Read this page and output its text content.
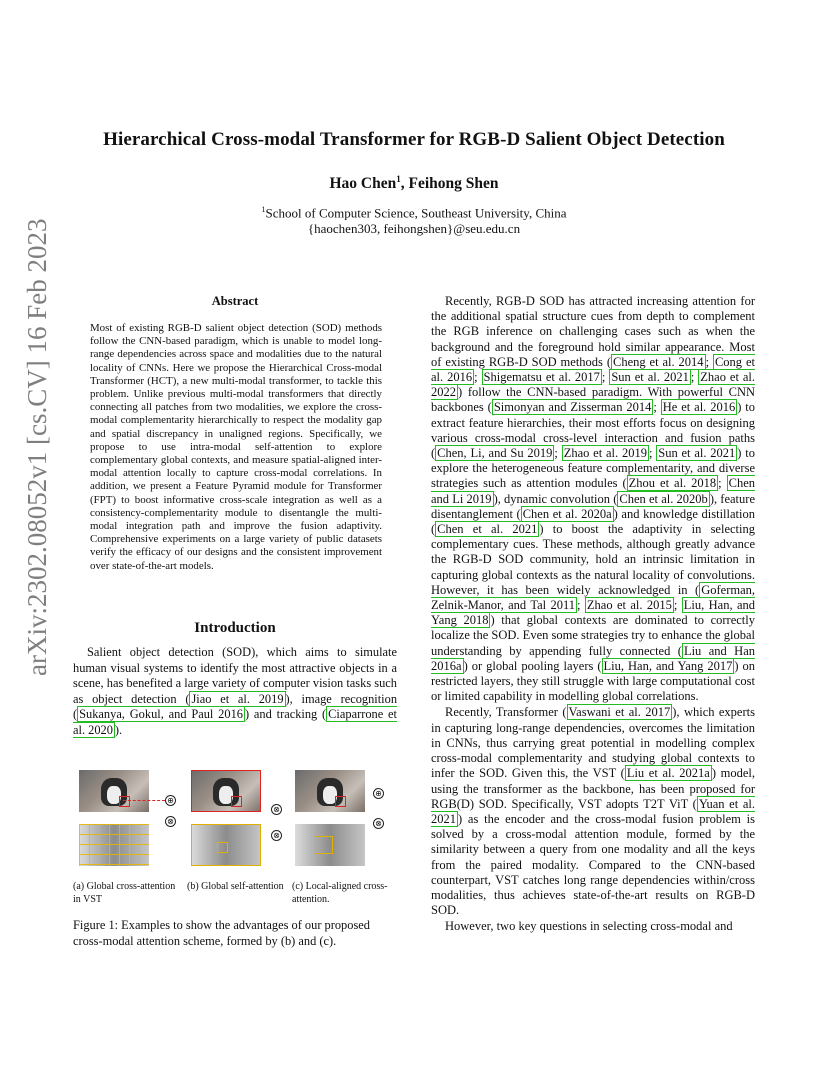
Hierarchical Cross-modal Transformer for RGB-D Salient Object Detection
Hao Chen$^1$, Feihong Shen
$^1$School of Computer Science, Southeast University, China
{haochen303, feihongshen}@seu.edu.cn
arXiv:2302.08052v1 [cs.CV] 16 Feb 2023	Abstract
Most of existing RGB-D salient object detection (SOD) methods follow the CNN-based paradigm, which is unable to model long-range dependencies across space and modalities due to the natural locality of CNNs. Here we propose the Hierarchical Cross-modal Transformer (HCT), a new multi-modal transformer, to tackle this problem. Unlike previous multi-modal transformers that directly connecting all patches from two modalities, we explore the cross-modal complementarity hierarchically to respect the modality gap and spatial discrepancy in unaligned regions. Specifically, we propose to use intra-modal self-attention to explore complementary global contexts, and measure spatial-aligned inter-modal attention locally to capture cross-modal correlations. In addition, we present a Feature Pyramid module for Transformer (FPT) to boost informative cross-scale integration as well as a consistency-complementarity module to disentangle the multi-modal integration path and improve the fusion adaptivity. Comprehensive experiments on a large variety of public datasets verify the efficacy of our designs and the consistent improvement over state-of-the-art models.
Introduction

Salient object detection (SOD), which aims to simulate human visual systems to identify the most attractive objects in a scene, has benefited a large variety of computer vision tasks such as object detection ( Jiao et al. 2019 ), image recognition ( Sukanya, Gokul, and Paul 2016 ) and tracking ( Ciaparrone et al. 2020 ).

⊕
⊗
⊗
⊗
⊕
⊗
(a) Global cross-attention in VST
(b) Global self-attention (c) Local-aligned cross-attention.
Figure 1: Examples to show the advantages of our proposed cross-modal attention scheme, formed by (b) and (c).

Recently, RGB-D SOD has attracted increasing attention for the additional spatial structure cues from depth to complement the RGB inference on challenging cases such as when the background and the foreground hold similar appearance. Most of existing RGB-D SOD methods ( Cheng et al. 2014 ; Cong et al. 2016 ; Shigematsu et al. 2017 ; Sun et al. 2021 ; Zhao et al. 2022 ) follow the CNN-based paradigm. With powerful CNN backbones ( Simonyan and Zisserman 2014 ; He et al. 2016 ) to extract feature hierarchies, their most efforts focus on designing various cross-modal cross-level interaction and fusion paths ( Chen, Li, and Su 2019 ; Zhao et al. 2019 ; Sun et al. 2021 ) to explore the heterogeneous feature complementarity, and diverse strategies such as attention modules ( Zhou et al. 2018 ; Chen and Li 2019 ), dynamic convolution ( Chen et al. 2020b ), feature disentanglement ( Chen et al. 2020a ) and knowledge distillation ( Chen et al. 2021 ) to boost the adaptivity in selecting complementary cues. These methods, although greatly advance the RGB-D SOD community, hold an intrinsic limitation in capturing global contexts as the natural locality of convolutions. However, it has been widely acknowledged in ( Goferman, Zelnik-Manor, and Tal 2011 ; Zhao et al. 2015 ; Liu, Han, and Yang 2018 ) that global contexts are dominated to correctly localize the SOD. Even some strategies try to enhance the global understanding by appending fully connected ( Liu and Han 2016a ) or global pooling layers ( Liu, Han, and Yang 2017 ) on restricted layers, they still struggle with large computational cost or limited capability in modelling global correlations.

Recently, Transformer ( Vaswani et al. 2017 ), which experts in capturing long-range dependencies, overcomes the limitation in CNNs, thus carrying great potential in modelling complex cross-modal complementarity and studying global contexts to infer the SOD. Given this, the VST ( Liu et al. 2021a ) model, using the transformer as the backbone, has been proposed for RGB(D) SOD. Specifically, VST adopts T2T ViT ( Yuan et al. 2021 ) as the encoder and the cross-modal fusion problem is solved by a cross-modal attention module, formed by the similarity between a query from one modality and all the keys from the paired modality. Compared to the CNN-based counterpart, VST catches long range dependencies within/cross modalities, thus achieves state-of-the-art results on RGB-D SOD.

However, two key questions in selecting cross-modal and
